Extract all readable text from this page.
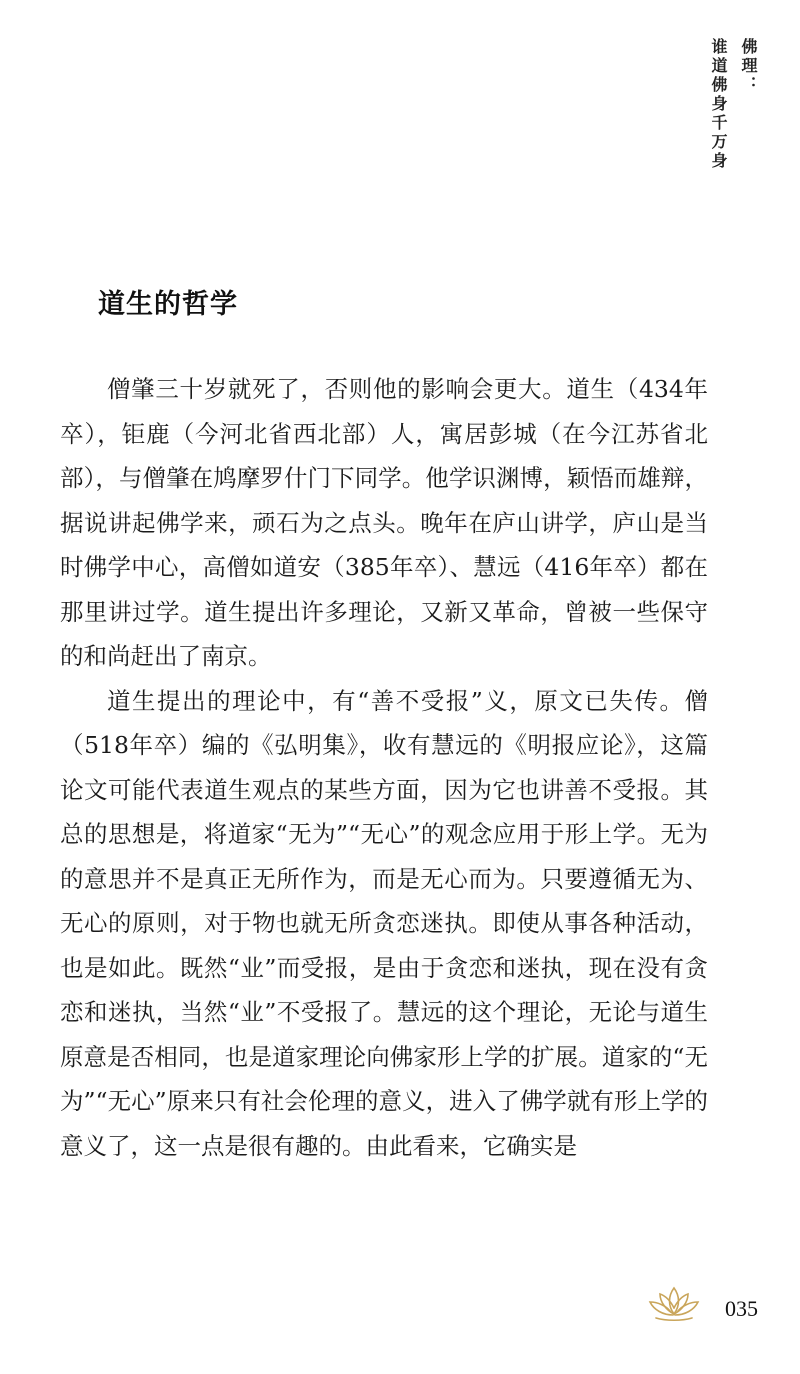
佛理：
谁道佛身千万身
道生的哲学

僧肇三十岁就死了，否则他的影响会更大。道生（434年卒），钜鹿（今河北省西北部）人，寓居彭城（在今江苏省北部），与僧肇在鸠摩罗什门下同学。他学识渊博，颖悟而雄辩，据说讲起佛学来，顽石为之点头。晚年在庐山讲学，庐山是当时佛学中心，高僧如道安（385年卒）、慧远（416年卒）都在那里讲过学。道生提出许多理论，又新又革命，曾被一些保守的和尚赶出了南京。

道生提出的理论中，有“善不受报”义，原文已失传。僧（518年卒）编的《弘明集》，收有慧远的《明报应论》，这篇论文可能代表道生观点的某些方面，因为它也讲善不受报。其总的思想是，将道家“无为”“无心”的观念应用于形上学。无为的意思并不是真正无所作为，而是无心而为。只要遵循无为、无心的原则，对于物也就无所贪恋迷执。即使从事各种活动，也是如此。既然“业”而受报，是由于贪恋和迷执，现在没有贪恋和迷执，当然“业”不受报了。慧远的这个理论，无论与道生原意是否相同，也是道家理论向佛家形上学的扩展。道家的“无为”“无心”原来只有社会伦理的意义，进入了佛学就有形上学的意义了，这一点是很有趣的。由此看来，它确实是

035
